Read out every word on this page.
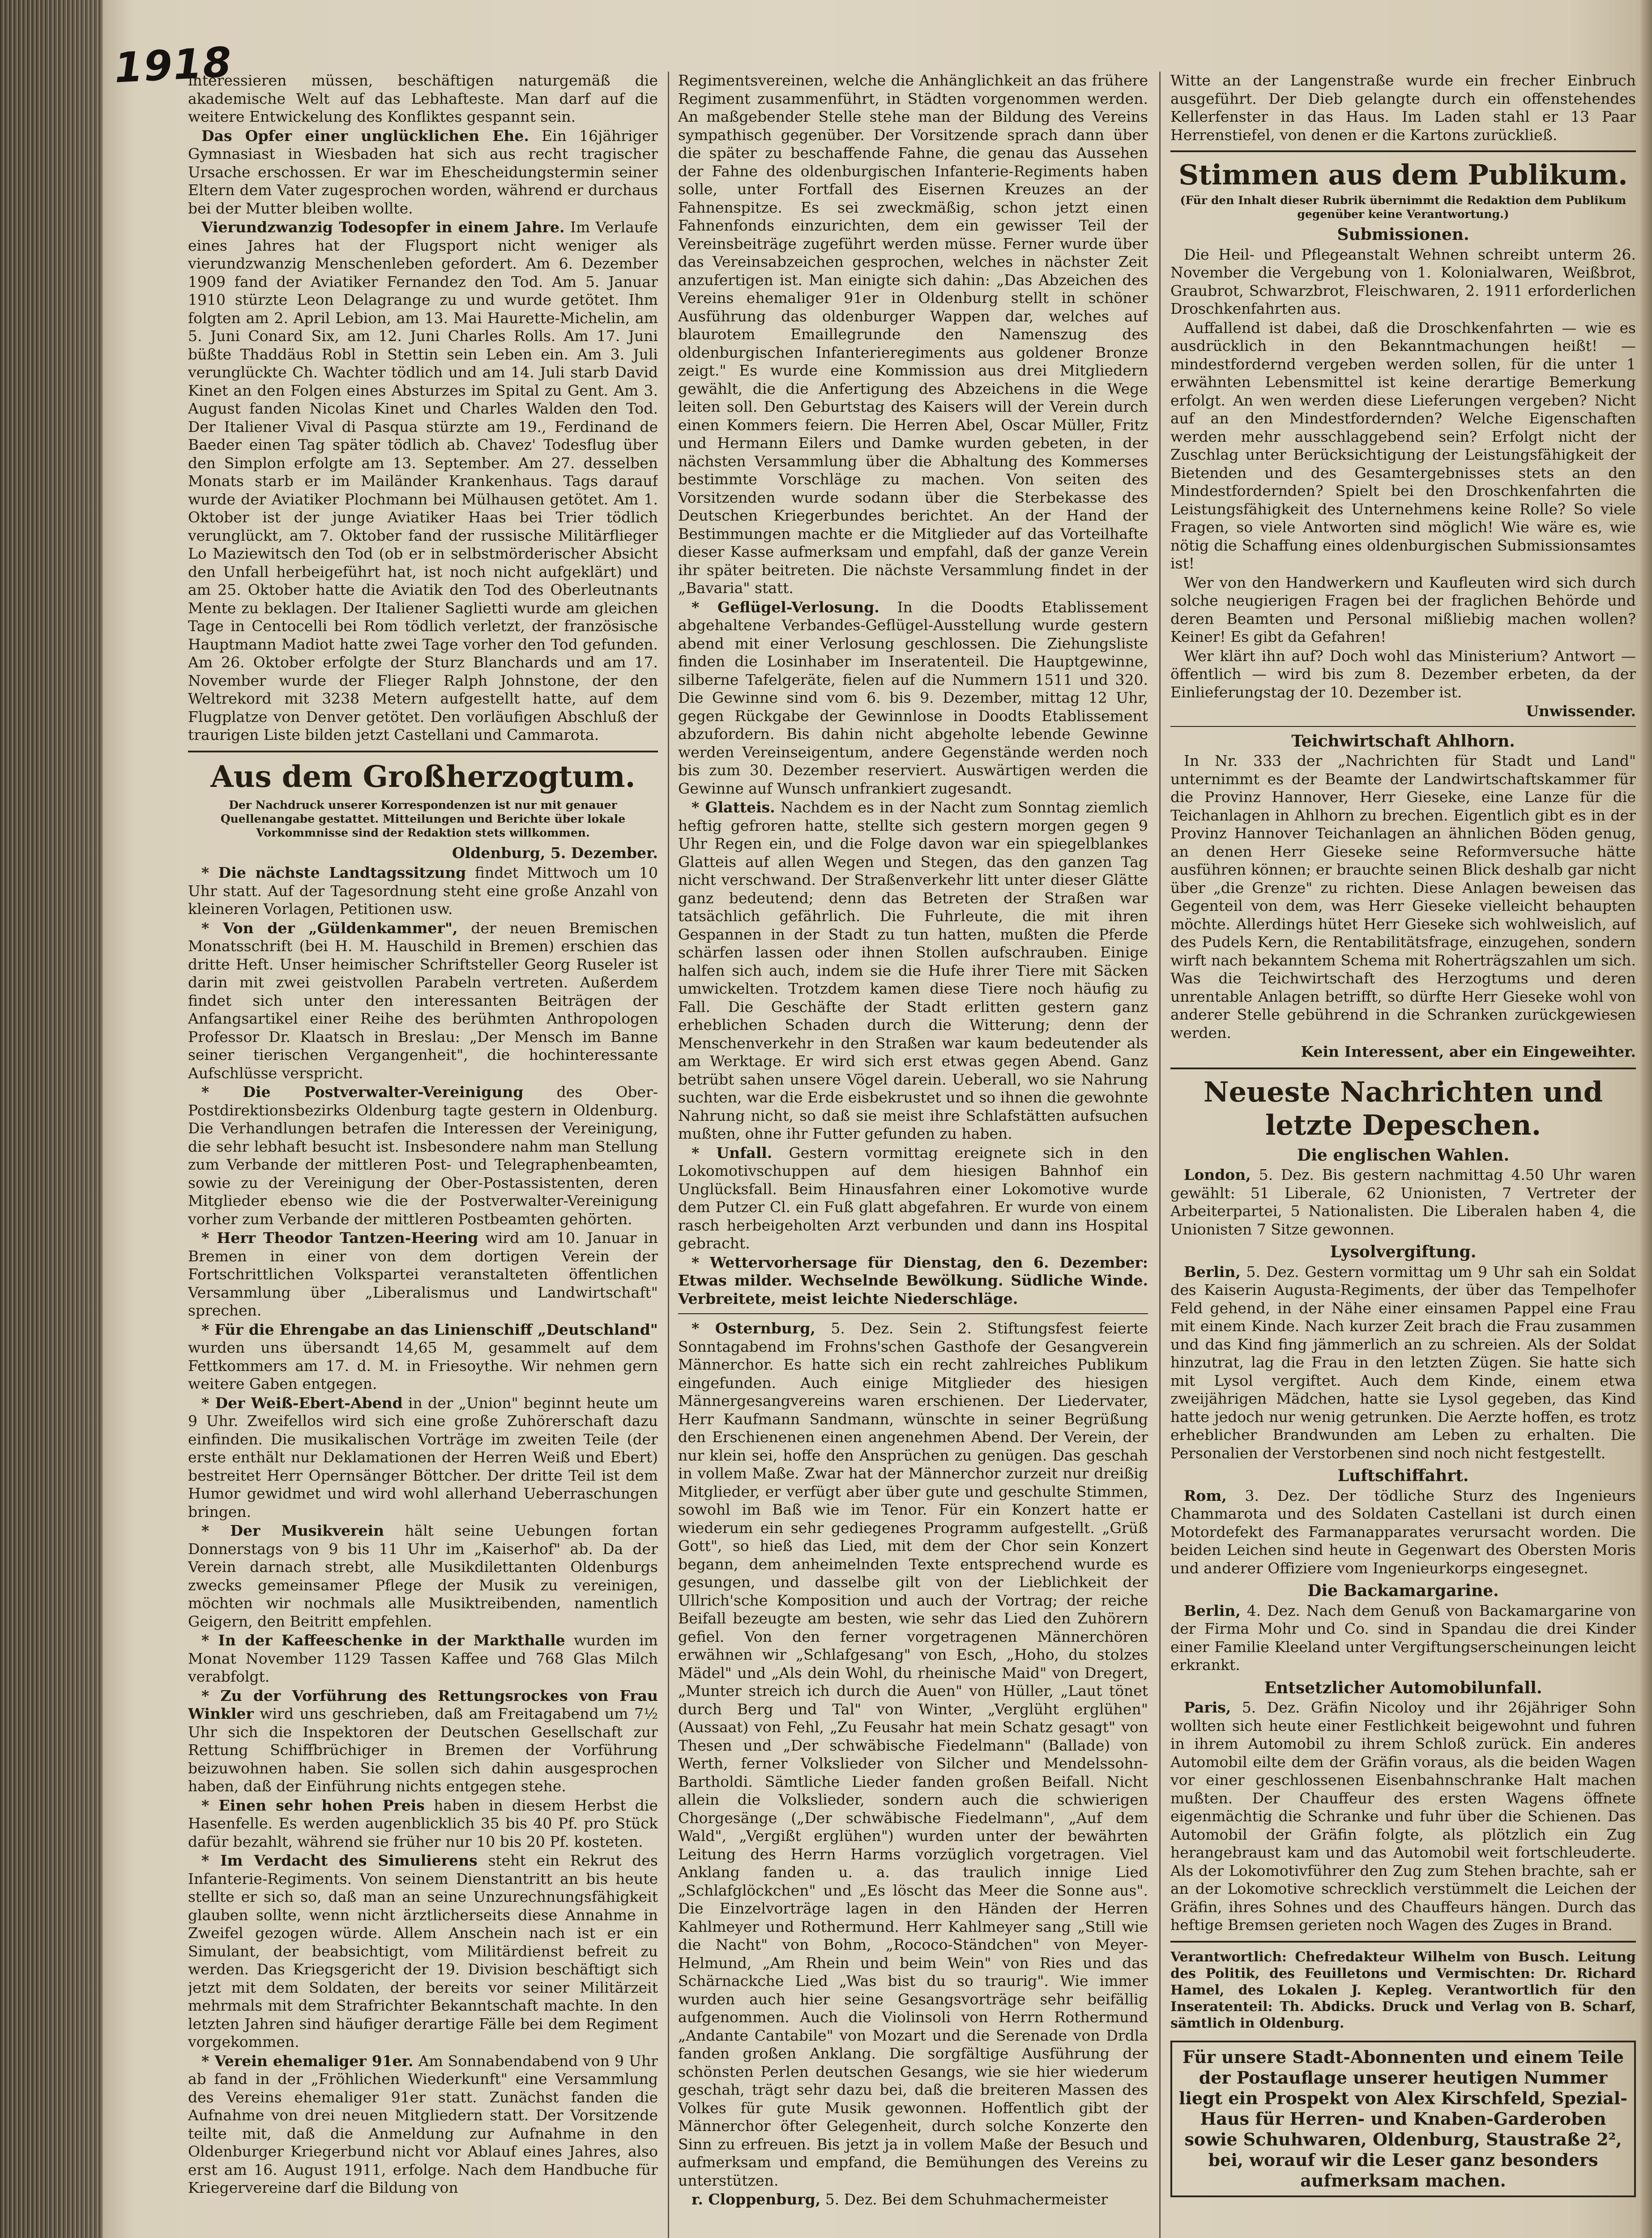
1918

interessieren müssen, beschäftigen naturgemäß die akademische Welt auf das Lebhafteste. Man darf auf die weitere Entwickelung des Konfliktes gespannt sein.

Das Opfer einer unglücklichen Ehe. Ein 16jähriger Gymnasiast in Wiesbaden hat sich aus recht tragischer Ursache erschossen. Er war im Ehescheidungstermin seiner Eltern dem Vater zugesprochen worden, während er durchaus bei der Mutter bleiben wollte.

Vierundzwanzig Todesopfer in einem Jahre. Im Verlaufe eines Jahres hat der Flugsport nicht weniger als vierundzwanzig Menschenleben gefordert. Am 6. Dezember 1909 fand der Aviatiker Fernandez den Tod. Am 5. Januar 1910 stürzte Leon Delagrange zu und wurde getötet. Ihm folgten am 2. April Lebion, am 13. Mai Haurette-Michelin, am 5. Juni Conard Six, am 12. Juni Charles Rolls. Am 17. Juni büßte Thaddäus Robl in Stettin sein Leben ein. Am 3. Juli verunglückte Ch. Wachter tödlich und am 14. Juli starb David Kinet an den Folgen eines Absturzes im Spital zu Gent. Am 3. August fanden Nicolas Kinet und Charles Walden den Tod. Der Italiener Vival di Pasqua stürzte am 19., Ferdinand de Baeder einen Tag später tödlich ab. Chavez' Todesflug über den Simplon erfolgte am 13. September. Am 27. desselben Monats starb er im Mailänder Krankenhaus. Tags darauf wurde der Aviatiker Plochmann bei Mülhausen getötet. Am 1. Oktober ist der junge Aviatiker Haas bei Trier tödlich verunglückt, am 7. Oktober fand der russische Militärflieger Lo Maziewitsch den Tod (ob er in selbstmörderischer Absicht den Unfall herbeigeführt hat, ist noch nicht aufgeklärt) und am 25. Oktober hatte die Aviatik den Tod des Oberleutnants Mente zu beklagen. Der Italiener Saglietti wurde am gleichen Tage in Centocelli bei Rom tödlich verletzt, der französische Hauptmann Madiot hatte zwei Tage vorher den Tod gefunden. Am 26. Oktober erfolgte der Sturz Blanchards und am 17. November wurde der Flieger Ralph Johnstone, der den Weltrekord mit 3238 Metern aufgestellt hatte, auf dem Flugplatze von Denver getötet. Den vorläufigen Abschluß der traurigen Liste bilden jetzt Castellani und Cammarota.

Aus dem Großherzogtum.
Der Nachdruck unserer Korrespondenzen ist nur mit genauer Quellenangabe gestattet. Mitteilungen und Berichte über lokale Vorkommnisse sind der Redaktion stets willkommen.
Oldenburg, 5. Dezember.

* Die nächste Landtagssitzung findet Mittwoch um 10 Uhr statt. Auf der Tagesordnung steht eine große Anzahl von kleineren Vorlagen, Petitionen usw.

* Von der „Güldenkammer", der neuen Bremischen Monatsschrift (bei H. M. Hauschild in Bremen) erschien das dritte Heft. Unser heimischer Schriftsteller Georg Ruseler ist darin mit zwei geistvollen Parabeln vertreten. Außerdem findet sich unter den interessanten Beiträgen der Anfangsartikel einer Reihe des berühmten Anthropologen Professor Dr. Klaatsch in Breslau: „Der Mensch im Banne seiner tierischen Vergangenheit", die hochinteressante Aufschlüsse verspricht.

* Die Postverwalter-Vereinigung des Ober-Postdirektionsbezirks Oldenburg tagte gestern in Oldenburg. Die Verhandlungen betrafen die Interessen der Vereinigung, die sehr lebhaft besucht ist. Insbesondere nahm man Stellung zum Verbande der mittleren Post- und Telegraphenbeamten, sowie zu der Vereinigung der Ober-Postassistenten, deren Mitglieder ebenso wie die der Postverwalter-Vereinigung vorher zum Verbande der mittleren Postbeamten gehörten.

* Herr Theodor Tantzen-Heering wird am 10. Januar in Bremen in einer von dem dortigen Verein der Fortschrittlichen Volkspartei veranstalteten öffentlichen Versammlung über „Liberalismus und Landwirtschaft" sprechen.

* Für die Ehrengabe an das Linienschiff „Deutschland" wurden uns übersandt 14,65 M, gesammelt auf dem Fettkommers am 17. d. M. in Friesoythe. Wir nehmen gern weitere Gaben entgegen.

* Der Weiß-Ebert-Abend in der „Union" beginnt heute um 9 Uhr. Zweifellos wird sich eine große Zuhörerschaft dazu einfinden. Die musikalischen Vorträge im zweiten Teile (der erste enthält nur Deklamationen der Herren Weiß und Ebert) bestreitet Herr Opernsänger Böttcher. Der dritte Teil ist dem Humor gewidmet und wird wohl allerhand Ueberraschungen bringen.

* Der Musikverein hält seine Uebungen fortan Donnerstags von 9 bis 11 Uhr im „Kaiserhof" ab. Da der Verein darnach strebt, alle Musikdilettanten Oldenburgs zwecks gemeinsamer Pflege der Musik zu vereinigen, möchten wir nochmals alle Musiktreibenden, namentlich Geigern, den Beitritt empfehlen.

* In der Kaffeeschenke in der Markthalle wurden im Monat November 1129 Tassen Kaffee und 768 Glas Milch verabfolgt.

* Zu der Vorführung des Rettungsrockes von Frau Winkler wird uns geschrieben, daß am Freitagabend um 7½ Uhr sich die Inspektoren der Deutschen Gesellschaft zur Rettung Schiffbrüchiger in Bremen der Vorführung beizuwohnen haben. Sie sollen sich dahin ausgesprochen haben, daß der Einführung nichts entgegen stehe.

* Einen sehr hohen Preis haben in diesem Herbst die Hasenfelle. Es werden augenblicklich 35 bis 40 Pf. pro Stück dafür bezahlt, während sie früher nur 10 bis 20 Pf. kosteten.

* Im Verdacht des Simulierens steht ein Rekrut des Infanterie-Regiments. Von seinem Dienstantritt an bis heute stellte er sich so, daß man an seine Unzurechnungsfähigkeit glauben sollte, wenn nicht ärztlicherseits diese Annahme in Zweifel gezogen würde. Allem Anschein nach ist er ein Simulant, der beabsichtigt, vom Militärdienst befreit zu werden. Das Kriegsgericht der 19. Division beschäftigt sich jetzt mit dem Soldaten, der bereits vor seiner Militärzeit mehrmals mit dem Strafrichter Bekanntschaft machte. In den letzten Jahren sind häufiger derartige Fälle bei dem Regiment vorgekommen.

* Verein ehemaliger 91er. Am Sonnabendabend von 9 Uhr ab fand in der „Fröhlichen Wiederkunft" eine Versammlung des Vereins ehemaliger 91er statt. Zunächst fanden die Aufnahme von drei neuen Mitgliedern statt. Der Vorsitzende teilte mit, daß die Anmeldung zur Aufnahme in den Oldenburger Kriegerbund nicht vor Ablauf eines Jahres, also erst am 16. August 1911, erfolge. Nach dem Handbuche für Kriegervereine darf die Bildung von

Regimentsvereinen, welche die Anhänglichkeit an das frühere Regiment zusammenführt, in Städten vorgenommen werden. An maßgebender Stelle stehe man der Bildung des Vereins sympathisch gegenüber. Der Vorsitzende sprach dann über die später zu beschaffende Fahne, die genau das Aussehen der Fahne des oldenburgischen Infanterie-Regiments haben solle, unter Fortfall des Eisernen Kreuzes an der Fahnenspitze. Es sei zweckmäßig, schon jetzt einen Fahnenfonds einzurichten, dem ein gewisser Teil der Vereinsbeiträge zugeführt werden müsse. Ferner wurde über das Vereinsabzeichen gesprochen, welches in nächster Zeit anzufertigen ist. Man einigte sich dahin: „Das Abzeichen des Vereins ehemaliger 91er in Oldenburg stellt in schöner Ausführung das oldenburger Wappen dar, welches auf blaurotem Emaillegrunde den Namenszug des oldenburgischen Infanterieregiments aus goldener Bronze zeigt." Es wurde eine Kommission aus drei Mitgliedern gewählt, die die Anfertigung des Abzeichens in die Wege leiten soll. Den Geburtstag des Kaisers will der Verein durch einen Kommers feiern. Die Herren Abel, Oscar Müller, Fritz und Hermann Eilers und Damke wurden gebeten, in der nächsten Versammlung über die Abhaltung des Kommerses bestimmte Vorschläge zu machen. Von seiten des Vorsitzenden wurde sodann über die Sterbekasse des Deutschen Kriegerbundes berichtet. An der Hand der Bestimmungen machte er die Mitglieder auf das Vorteilhafte dieser Kasse aufmerksam und empfahl, daß der ganze Verein ihr später beitreten. Die nächste Versammlung findet in der „Bavaria" statt.

* Geflügel-Verlosung. In die Doodts Etablissement abgehaltene Verbandes-Geflügel-Ausstellung wurde gestern abend mit einer Verlosung geschlossen. Die Ziehungsliste finden die Losinhaber im Inseratenteil. Die Hauptgewinne, silberne Tafelgeräte, fielen auf die Nummern 1511 und 320. Die Gewinne sind vom 6. bis 9. Dezember, mittag 12 Uhr, gegen Rückgabe der Gewinnlose in Doodts Etablissement abzufordern. Bis dahin nicht abgeholte lebende Gewinne werden Vereinseigentum, andere Gegenstände werden noch bis zum 30. Dezember reserviert. Auswärtigen werden die Gewinne auf Wunsch unfrankiert zugesandt.

* Glatteis. Nachdem es in der Nacht zum Sonntag ziemlich heftig gefroren hatte, stellte sich gestern morgen gegen 9 Uhr Regen ein, und die Folge davon war ein spiegelblankes Glatteis auf allen Wegen und Stegen, das den ganzen Tag nicht verschwand. Der Straßenverkehr litt unter dieser Glätte ganz bedeutend; denn das Betreten der Straßen war tatsächlich gefährlich. Die Fuhrleute, die mit ihren Gespannen in der Stadt zu tun hatten, mußten die Pferde schärfen lassen oder ihnen Stollen aufschrauben. Einige halfen sich auch, indem sie die Hufe ihrer Tiere mit Säcken umwickelten. Trotzdem kamen diese Tiere noch häufig zu Fall. Die Geschäfte der Stadt erlitten gestern ganz erheblichen Schaden durch die Witterung; denn der Menschenverkehr in den Straßen war kaum bedeutender als am Werktage. Er wird sich erst etwas gegen Abend. Ganz betrübt sahen unsere Vögel darein. Ueberall, wo sie Nahrung suchten, war die Erde eisbekrustet und so ihnen die gewohnte Nahrung nicht, so daß sie meist ihre Schlafstätten aufsuchen mußten, ohne ihr Futter gefunden zu haben.

* Unfall. Gestern vormittag ereignete sich in den Lokomotivschuppen auf dem hiesigen Bahnhof ein Unglücksfall. Beim Hinausfahren einer Lokomotive wurde dem Putzer Cl. ein Fuß glatt abgefahren. Er wurde von einem rasch herbeigeholten Arzt verbunden und dann ins Hospital gebracht.

* Wettervorhersage für Dienstag, den 6. Dezember: Etwas milder. Wechselnde Bewölkung. Südliche Winde. Verbreitete, meist leichte Niederschläge.

* Osternburg, 5. Dez. Sein 2. Stiftungsfest feierte Sonntagabend im Frohns'schen Gasthofe der Gesangverein Männerchor. Es hatte sich ein recht zahlreiches Publikum eingefunden. Auch einige Mitglieder des hiesigen Männergesangvereins waren erschienen. Der Liedervater, Herr Kaufmann Sandmann, wünschte in seiner Begrüßung den Erschienenen einen angenehmen Abend. Der Verein, der nur klein sei, hoffe den Ansprüchen zu genügen. Das geschah in vollem Maße. Zwar hat der Männerchor zurzeit nur dreißig Mitglieder, er verfügt aber über gute und geschulte Stimmen, sowohl im Baß wie im Tenor. Für ein Konzert hatte er wiederum ein sehr gediegenes Programm aufgestellt. „Grüß Gott", so hieß das Lied, mit dem der Chor sein Konzert begann, dem anheimelnden Texte entsprechend wurde es gesungen, und dasselbe gilt von der Lieblichkeit der Ullrich'sche Komposition und auch der Vortrag; der reiche Beifall bezeugte am besten, wie sehr das Lied den Zuhörern gefiel. Von den ferner vorgetragenen Männerchören erwähnen wir „Schlafgesang" von Esch, „Hoho, du stolzes Mädel" und „Als dein Wohl, du rheinische Maid" von Dregert, „Munter streich ich durch die Auen" von Hüller, „Laut tönet durch Berg und Tal" von Winter, „Verglüht erglühen" (Aussaat) von Fehl, „Zu Feusahr hat mein Schatz gesagt" von Thesen und „Der schwäbische Fiedelmann" (Ballade) von Werth, ferner Volkslieder von Silcher und Mendelssohn-Bartholdi. Sämtliche Lieder fanden großen Beifall. Nicht allein die Volkslieder, sondern auch die schwierigen Chorgesänge („Der schwäbische Fiedelmann", „Auf dem Wald", „Vergißt erglühen") wurden unter der bewährten Leitung des Herrn Harms vorzüglich vorgetragen. Viel Anklang fanden u. a. das traulich innige Lied „Schlafglöckchen" und „Es löscht das Meer die Sonne aus". Die Einzelvorträge lagen in den Händen der Herren Kahlmeyer und Rothermund. Herr Kahlmeyer sang „Still wie die Nacht" von Bohm, „Rococo-Ständchen" von Meyer-Helmund, „Am Rhein und beim Wein" von Ries und das Schärnackche Lied „Was bist du so traurig". Wie immer wurden auch hier seine Gesangsvorträge sehr beifällig aufgenommen. Auch die Violinsoli von Herrn Rothermund „Andante Cantabile" von Mozart und die Serenade von Drdla fanden großen Anklang. Die sorgfältige Ausführung der schönsten Perlen deutschen Gesangs, wie sie hier wiederum geschah, trägt sehr dazu bei, daß die breiteren Massen des Volkes für gute Musik gewonnen. Hoffentlich gibt der Männerchor öfter Gelegenheit, durch solche Konzerte den Sinn zu erfreuen. Bis jetzt ja in vollem Maße der Besuch und aufmerksam und empfand, die Bemühungen des Vereins zu unterstützen.

r. Cloppenburg, 5. Dez. Bei dem Schuhmachermeister

Witte an der Langenstraße wurde ein frecher Einbruch ausgeführt. Der Dieb gelangte durch ein offenstehendes Kellerfenster in das Haus. Im Laden stahl er 13 Paar Herrenstiefel, von denen er die Kartons zurückließ.

Stimmen aus dem Publikum.
(Für den Inhalt dieser Rubrik übernimmt die Redaktion dem Publikum gegenüber keine Verantwortung.)
Submissionen.

Die Heil- und Pflegeanstalt Wehnen schreibt unterm 26. November die Vergebung von 1. Kolonialwaren, Weißbrot, Graubrot, Schwarzbrot, Fleischwaren, 2. 1911 erforderlichen Droschkenfahrten aus.

Auffallend ist dabei, daß die Droschkenfahrten — wie es ausdrücklich in den Bekanntmachungen heißt! — mindestfordernd vergeben werden sollen, für die unter 1 erwähnten Lebensmittel ist keine derartige Bemerkung erfolgt. An wen werden diese Lieferungen vergeben? Nicht auf an den Mindestfordernden? Welche Eigenschaften werden mehr ausschlaggebend sein? Erfolgt nicht der Zuschlag unter Berücksichtigung der Leistungsfähigkeit der Bietenden und des Gesamtergebnisses stets an den Mindestfordernden? Spielt bei den Droschkenfahrten die Leistungsfähigkeit des Unternehmens keine Rolle? So viele Fragen, so viele Antworten sind möglich! Wie wäre es, wie nötig die Schaffung eines oldenburgischen Submissionsamtes ist!

Wer von den Handwerkern und Kaufleuten wird sich durch solche neugierigen Fragen bei der fraglichen Behörde und deren Beamten und Personal mißliebig machen wollen? Keiner! Es gibt da Gefahren!

Wer klärt ihn auf? Doch wohl das Ministerium? Antwort — öffentlich — wird bis zum 8. Dezember erbeten, da der Einlieferungstag der 10. Dezember ist.

Unwissender.
Teichwirtschaft Ahlhorn.

In Nr. 333 der „Nachrichten für Stadt und Land" unternimmt es der Beamte der Landwirtschaftskammer für die Provinz Hannover, Herr Gieseke, eine Lanze für die Teichanlagen in Ahlhorn zu brechen. Eigentlich gibt es in der Provinz Hannover Teichanlagen an ähnlichen Böden genug, an denen Herr Gieseke seine Reformversuche hätte ausführen können; er brauchte seinen Blick deshalb gar nicht über „die Grenze" zu richten. Diese Anlagen beweisen das Gegenteil von dem, was Herr Gieseke vielleicht behaupten möchte. Allerdings hütet Herr Gieseke sich wohlweislich, auf des Pudels Kern, die Rentabilitätsfrage, einzugehen, sondern wirft nach bekanntem Schema mit Roherträgszahlen um sich. Was die Teichwirtschaft des Herzogtums und deren unrentable Anlagen betrifft, so dürfte Herr Gieseke wohl von anderer Stelle gebührend in die Schranken zurückgewiesen werden.

Kein Interessent, aber ein Eingeweihter.
Neueste Nachrichten und letzte Depeschen.
Die englischen Wahlen.

London, 5. Dez. Bis gestern nachmittag 4.50 Uhr waren gewählt: 51 Liberale, 62 Unionisten, 7 Vertreter der Arbeiterpartei, 5 Nationalisten. Die Liberalen haben 4, die Unionisten 7 Sitze gewonnen.

Lysolvergiftung.

Berlin, 5. Dez. Gestern vormittag um 9 Uhr sah ein Soldat des Kaiserin Augusta-Regiments, der über das Tempelhofer Feld gehend, in der Nähe einer einsamen Pappel eine Frau mit einem Kinde. Nach kurzer Zeit brach die Frau zusammen und das Kind fing jämmerlich an zu schreien. Als der Soldat hinzutrat, lag die Frau in den letzten Zügen. Sie hatte sich mit Lysol vergiftet. Auch dem Kinde, einem etwa zweijährigen Mädchen, hatte sie Lysol gegeben, das Kind hatte jedoch nur wenig getrunken. Die Aerzte hoffen, es trotz erheblicher Brandwunden am Leben zu erhalten. Die Personalien der Verstorbenen sind noch nicht festgestellt.

Luftschiffahrt.

Rom, 3. Dez. Der tödliche Sturz des Ingenieurs Chammarota und des Soldaten Castellani ist durch einen Motordefekt des Farmanapparates verursacht worden. Die beiden Leichen sind heute in Gegenwart des Obersten Moris und anderer Offiziere vom Ingenieurkorps eingesegnet.

Die Backamargarine.

Berlin, 4. Dez. Nach dem Genuß von Backamargarine von der Firma Mohr und Co. sind in Spandau die drei Kinder einer Familie Kleeland unter Vergiftungserscheinungen leicht erkrankt.

Entsetzlicher Automobilunfall.

Paris, 5. Dez. Gräfin Nicoloy und ihr 26jähriger Sohn wollten sich heute einer Festlichkeit beigewohnt und fuhren in ihrem Automobil zu ihrem Schloß zurück. Ein anderes Automobil eilte dem der Gräfin voraus, als die beiden Wagen vor einer geschlossenen Eisenbahnschranke Halt machen mußten. Der Chauffeur des ersten Wagens öffnete eigenmächtig die Schranke und fuhr über die Schienen. Das Automobil der Gräfin folgte, als plötzlich ein Zug herangebraust kam und das Automobil weit fortschleuderte. Als der Lokomotivführer den Zug zum Stehen brachte, sah er an der Lokomotive schrecklich verstümmelt die Leichen der Gräfin, ihres Sohnes und des Chauffeurs hängen. Durch das heftige Bremsen gerieten noch Wagen des Zuges in Brand.

Verantwortlich: Chefredakteur Wilhelm von Busch. Leitung des Politik, des Feuilletons und Vermischten: Dr. Richard Hamel, des Lokalen J. Kepleg. Verantwortlich für den Inseratenteil: Th. Abdicks. Druck und Verlag von B. Scharf, sämtlich in Oldenburg.

Für unsere Stadt-Abonnenten und einem Teile der Postauflage unserer heutigen Nummer liegt ein Prospekt von Alex Kirschfeld, Spezial-Haus für Herren- und Knaben-Garderoben sowie Schuhwaren, Oldenburg, Staustraße 2², bei, worauf wir die Leser ganz besonders aufmerksam machen.
